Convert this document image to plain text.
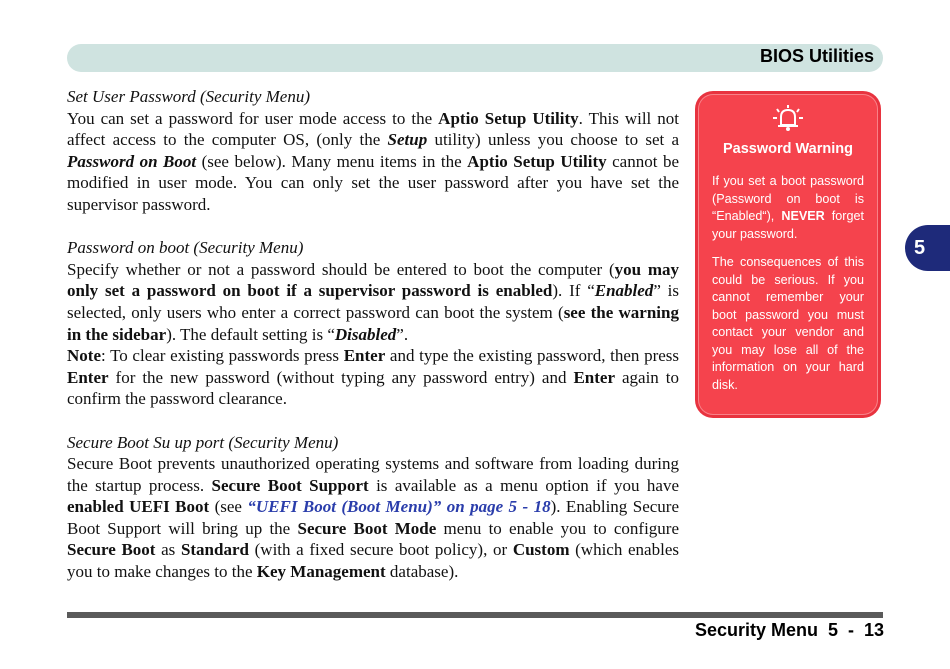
BIOS Utilities
5

Set User Password (Security Menu)

You can set a password for user mode access to the Aptio Setup Utility. This will not affect access to the computer OS, (only the Setup utility) unless you choose to set a Password on Boot (see below). Many menu items in the Aptio Setup Utility cannot be modified in user mode. You can only set the user password after you have set the supervisor password.

Password on boot (Security Menu)

Specify whether or not a password should be entered to boot the computer (you may only set a password on boot if a supervisor password is enabled). If “Enabled” is selected, only users who enter a correct password can boot the system (see the warning in the sidebar). The default setting is “Disabled”.

Note: To clear existing passwords press Enter and type the existing password, then press Enter for the new password (without typing any password entry) and Enter again to confirm the password clearance.

Secure Boot Su up port (Security Menu)

Secure Boot prevents unauthorized operating systems and software from loading during the startup process. Secure Boot Support is available as a menu option if you have enabled UEFI Boot (see “UEFI Boot (Boot Menu)” on page 5 - 18). Enabling Secure Boot Support will bring up the Secure Boot Mode menu to enable you to configure Secure Boot as Standard (with a fixed secure boot policy), or Custom (which enables you to make changes to the Key Management database).

Password Warning

If you set a boot password (Password on boot is “Enabled“), NEVER forget your password.

The consequences of this could be serious. If you cannot remember your boot password you must contact your vendor and you may lose all of the information on your hard disk.

Security Menu  5  -  13
